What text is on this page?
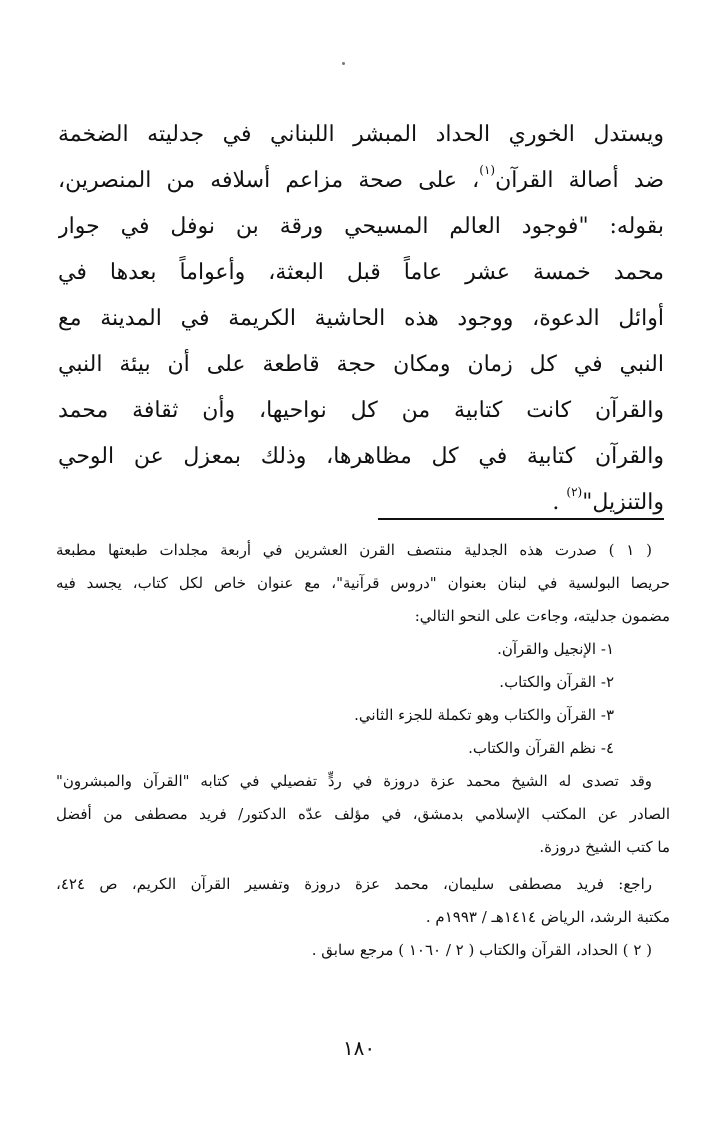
ويستدل الخوري الحداد المبشر اللبناني في جدليته الضخمة
ضد أصالة القرآن$^{(١)}$، على صحة مزاعم أسلافه من المنصرين،
بقوله: "فوجود العالم المسيحي ورقة بن نوفل في جوار
محمد خمسة عشر عاماً قبل البعثة، وأعواماً بعدها في
أوائل الدعوة، ووجود هذه الحاشية الكريمة في المدينة مع
النبي في كل زمان ومكان حجة قاطعة على أن بيئة النبي
والقرآن كانت كتابية من كل نواحيها، وأن ثقافة محمد
والقرآن كتابية في كل مظاهرها، وذلك بمعزل عن الوحي
والتنزيل"$^{(٢)}$ .
( ١ ) صدرت هذه الجدلية منتصف القرن العشرين في أربعة مجلدات طبعتها مطبعة
حريصا البولسية في لبنان بعنوان "دروس قرآنية"، مع عنوان خاص لكل كتاب، يجسد فيه
مضمون جدليته، وجاءت على النحو التالي:
١- الإنجيل والقرآن.
٢- القرآن والكتاب.
٣- القرآن والكتاب وهو تكملة للجزء الثاني.
٤- نظم القرآن والكتاب.
وقد تصدى له الشيخ محمد عزة دروزة في ردٍّ تفصيلي في كتابه "القرآن والمبشرون"
الصادر عن المكتب الإسلامي بدمشق، في مؤلف عدّه الدكتور/ فريد مصطفى من أفضل
ما كتب الشيخ دروزة.
راجع: فريد مصطفى سليمان، محمد عزة دروزة وتفسير القرآن الكريم، ص ٤٢٤،
مكتبة الرشد، الرياض ١٤١٤هـ / ١٩٩٣م .
( ٢ ) الحداد، القرآن والكتاب ( ٢ / ١٠٦٠ ) مرجع سابق .
١٨٠
